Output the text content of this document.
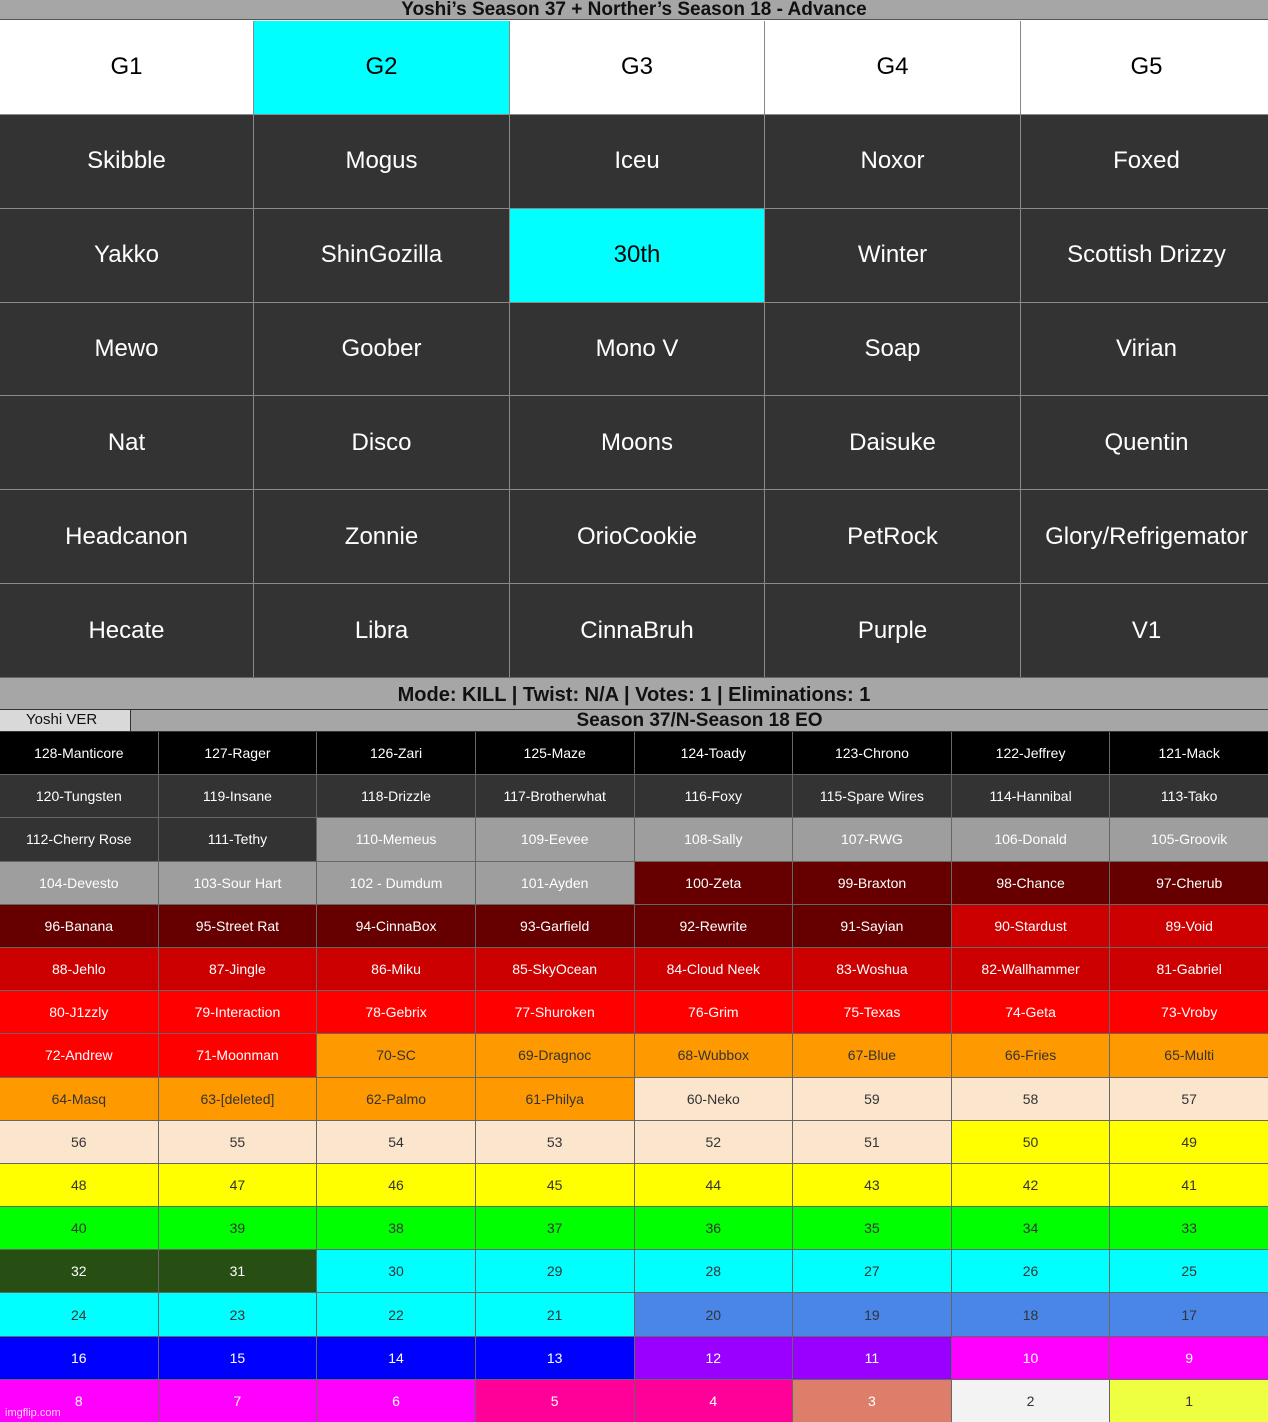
Yoshi’s Season 37 + Norther’s Season 18 - Advance
G1	G2	G3	G4	G5
Skibble	Mogus	Iceu	Noxor	Foxed
Yakko	ShinGozilla	30th	Winter	Scottish Drizzy
Mewo	Goober	Mono V	Soap	Virian
Nat	Disco	Moons	Daisuke	Quentin
Headcanon	Zonnie	OrioCookie	PetRock	Glory/Refrigemator
Hecate	Libra	CinnaBruh	Purple	V1
Mode: KILL | Twist: N/A | Votes: 1 | Eliminations: 1
Yoshi VER	Season 37/N-Season 18 EO
128-Manticore	127-Rager	126-Zari	125-Maze	124-Toady	123-Chrono	122-Jeffrey	121-Mack
120-Tungsten	119-Insane	118-Drizzle	117-Brotherwhat	116-Foxy	115-Spare Wires	114-Hannibal	113-Tako
112-Cherry Rose	111-Tethy	110-Memeus	109-Eevee	108-Sally	107-RWG	106-Donald	105-Groovik
104-Devesto	103-Sour Hart	102 - Dumdum	101-Ayden	100-Zeta	99-Braxton	98-Chance	97-Cherub
96-Banana	95-Street Rat	94-CinnaBox	93-Garfield	92-Rewrite	91-Sayian	90-Stardust	89-Void
88-Jehlo	87-Jingle	86-Miku	85-SkyOcean	84-Cloud Neek	83-Woshua	82-Wallhammer	81-Gabriel
80-J1zzly	79-Interaction	78-Gebrix	77-Shuroken	76-Grim	75-Texas	74-Geta	73-Vroby
72-Andrew	71-Moonman	70-SC	69-Dragnoc	68-Wubbox	67-Blue	66-Fries	65-Multi
64-Masq	63-[deleted]	62-Palmo	61-Philya	60-Neko	59	58	57
56	55	54	53	52	51	50	49
48	47	46	45	44	43	42	41
40	39	38	37	36	35	34	33
32	31	30	29	28	27	26	25
24	23	22	21	20	19	18	17
16	15	14	13	12	11	10	9
8	7	6	5	4	3	2	1
imgflip.com
